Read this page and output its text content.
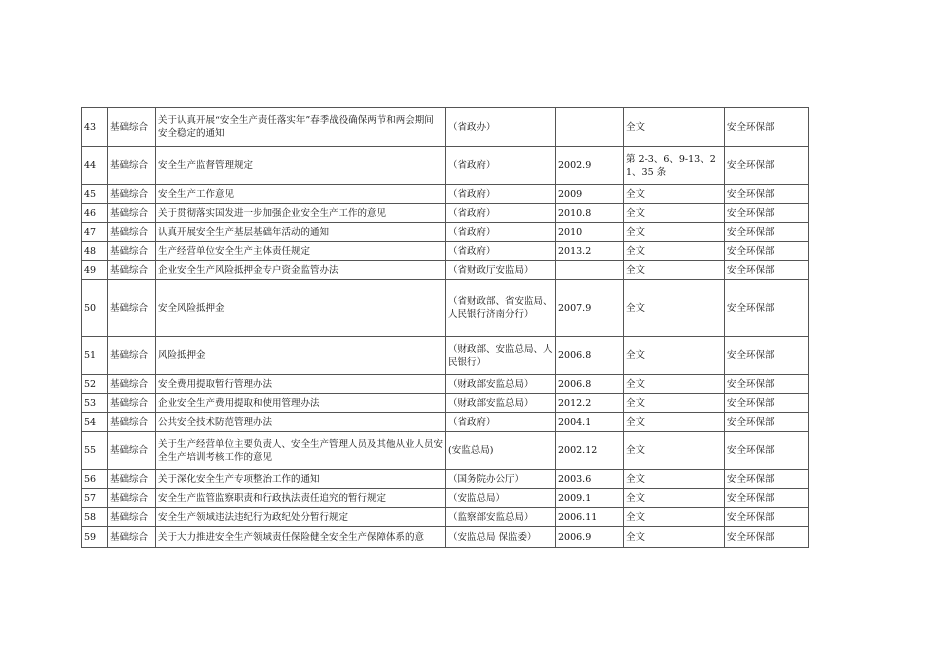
43	基础综合	关于认真开展“安全生产责任落实年”春季战役确保两节和两会期间安全稳定的通知	（省政办）		全文	安全环保部
44	基础综合	安全生产监督管理规定	（省政府）	2002.9	第 2-3、6、9-13、21、35 条	安全环保部
45	基础综合	安全生产工作意见	（省政府）	2009	全文	安全环保部
46	基础综合	关于贯彻落实国发进一步加强企业安全生产工作的意见	（省政府）	2010.8	全文	安全环保部
47	基础综合	认真开展安全生产基层基础年活动的通知	（省政府）	2010	全文	安全环保部
48	基础综合	生产经营单位安全生产主体责任规定	（省政府）	2013.2	全文	安全环保部
49	基础综合	企业安全生产风险抵押金专户资金监管办法	（省财政厅安监局）		全文	安全环保部
50	基础综合	安全风险抵押金	（省财政部、省安监局、人民银行济南分行）	2007.9	全文	安全环保部
51	基础综合	风险抵押金	（财政部、安监总局、人民银行）	2006.8	全文	安全环保部
52	基础综合	安全费用提取暂行管理办法	（财政部安监总局）	2006.8	全文	安全环保部
53	基础综合	企业安全生产费用提取和使用管理办法	（财政部安监总局）	2012.2	全文	安全环保部
54	基础综合	公共安全技术防范管理办法	（省政府）	2004.1	全文	安全环保部
55	基础综合	关于生产经营单位主要负责人、安全生产管理人员及其他从业人员安全生产培训考核工作的意见	(安监总局)	2002.12	全文	安全环保部
56	基础综合	关于深化安全生产专项整治工作的通知	（国务院办公厅）	2003.6	全文	安全环保部
57	基础综合	安全生产监管监察职责和行政执法责任追究的暂行规定	（安监总局）	2009.1	全文	安全环保部
58	基础综合	安全生产领域违法违纪行为政纪处分暂行规定	（监察部安监总局）	2006.11	全文	安全环保部
59	基础综合	关于大力推进安全生产领域责任保险健全安全生产保障体系的意	（安监总局 保监委）	2006.9	全文	安全环保部
